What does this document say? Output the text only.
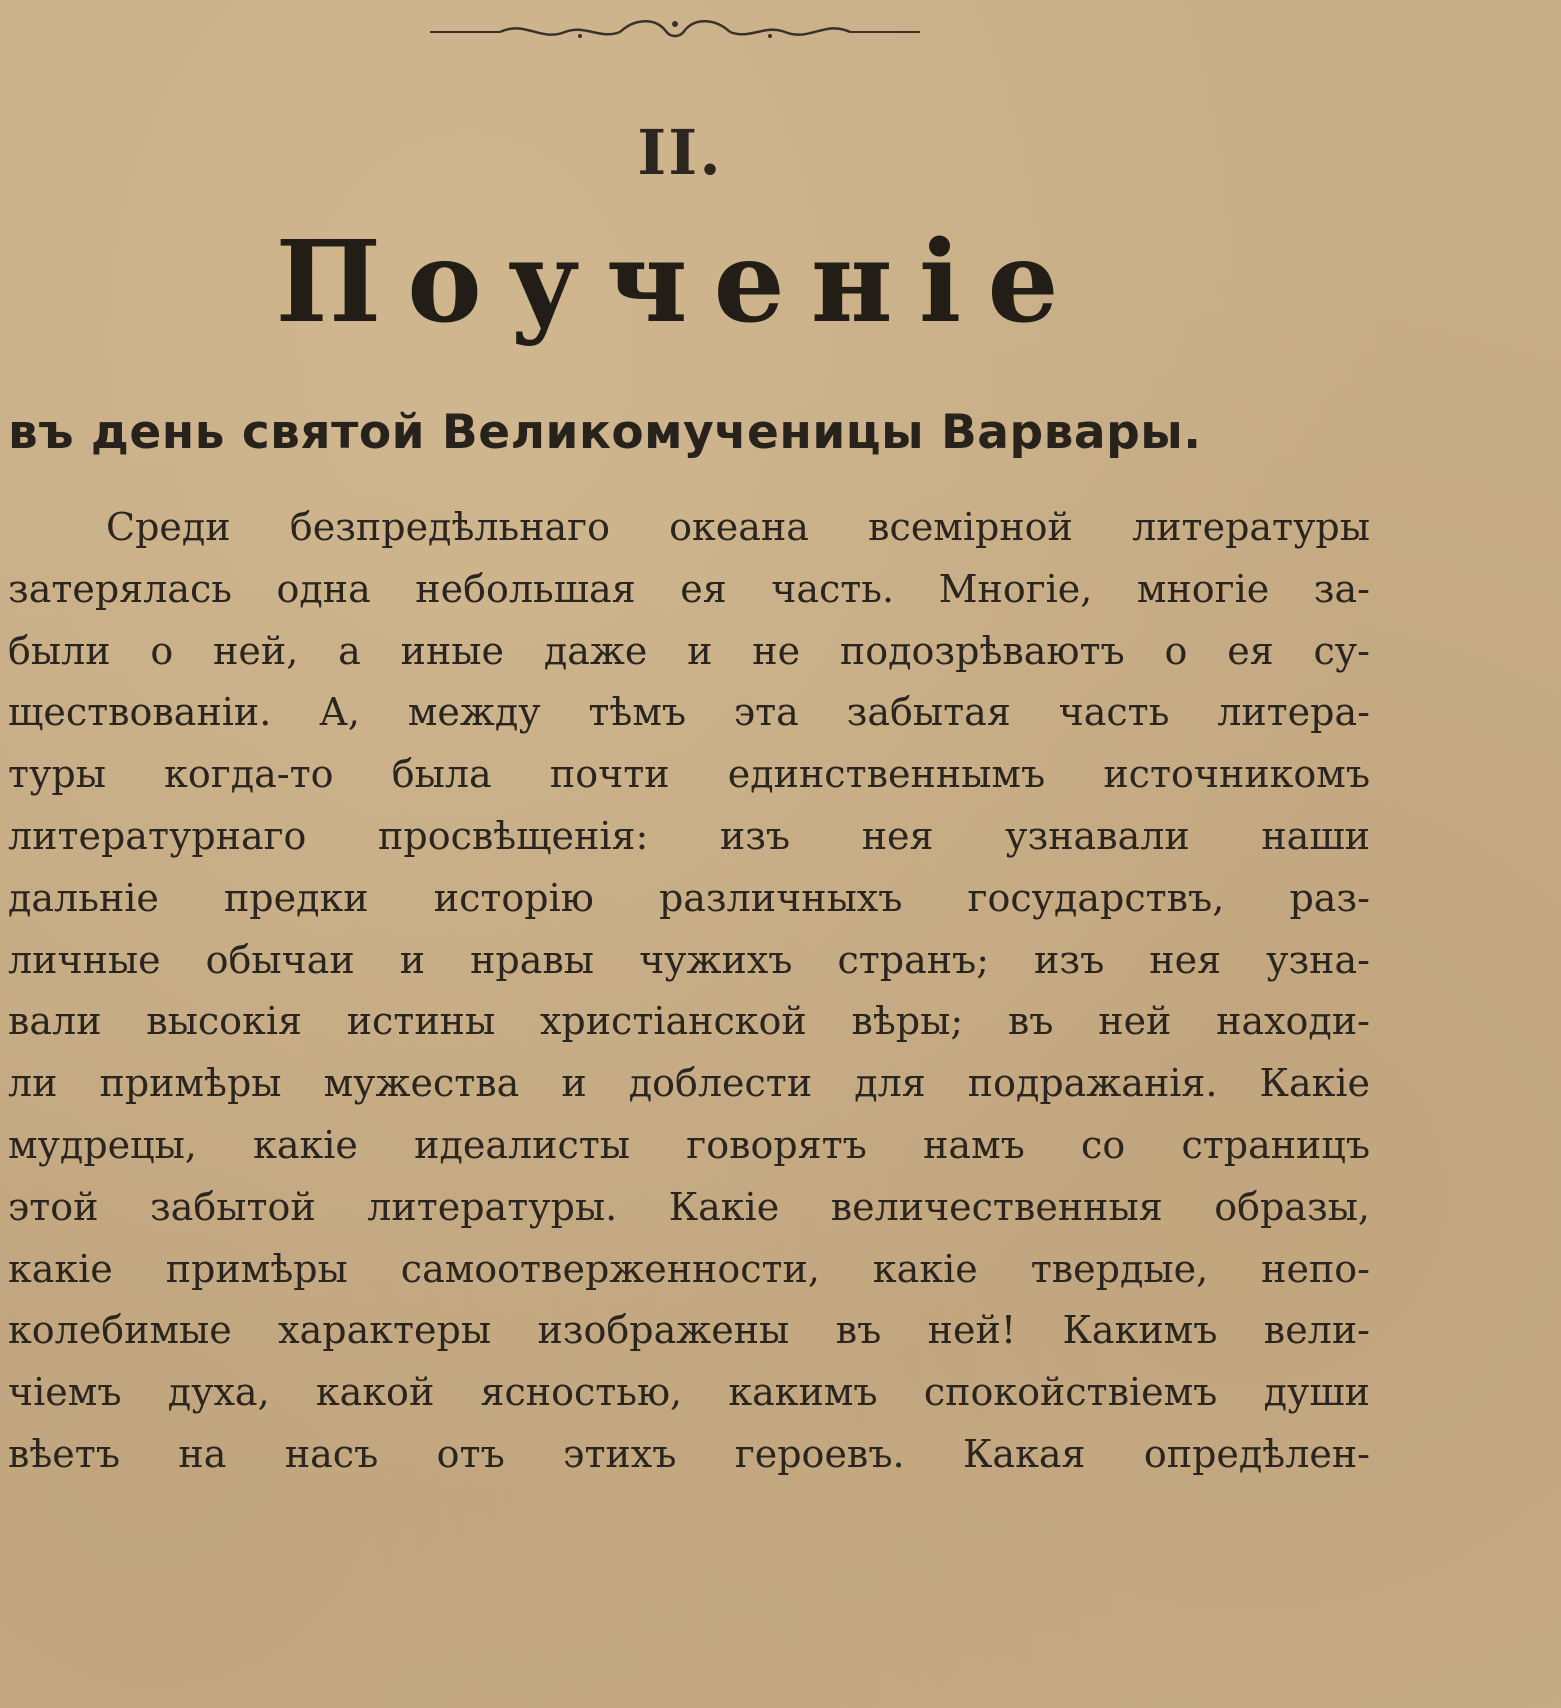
II.
Поученіе
въ день святой Великомученицы Варвары.
Среди безпредѣльнаго океана всемірной литературы
затерялась одна небольшая ея часть. Многіе, многіе за-
были о ней, а иные даже и не подозрѣваютъ о ея су-
ществованіи. А, между тѣмъ эта забытая часть литера-
туры когда-то была почти единственнымъ источникомъ
литературнаго просвѣщенія: изъ нея узнавали наши
дальніе предки исторію различныхъ государствъ, раз-
личные обычаи и нравы чужихъ странъ; изъ нея узна-
вали высокія истины христіанской вѣры; въ ней находи-
ли примѣры мужества и доблести для подражанія. Какіе
мудрецы, какіе идеалисты говорятъ намъ со страницъ
этой забытой литературы. Какіе величественныя образы,
какіе примѣры самоотверженности, какіе твердые, непо-
колебимые характеры изображены въ ней! Какимъ вели-
чіемъ духа, какой ясностью, какимъ спокойствіемъ души
вѣетъ на насъ отъ этихъ героевъ. Какая опредѣлен-
